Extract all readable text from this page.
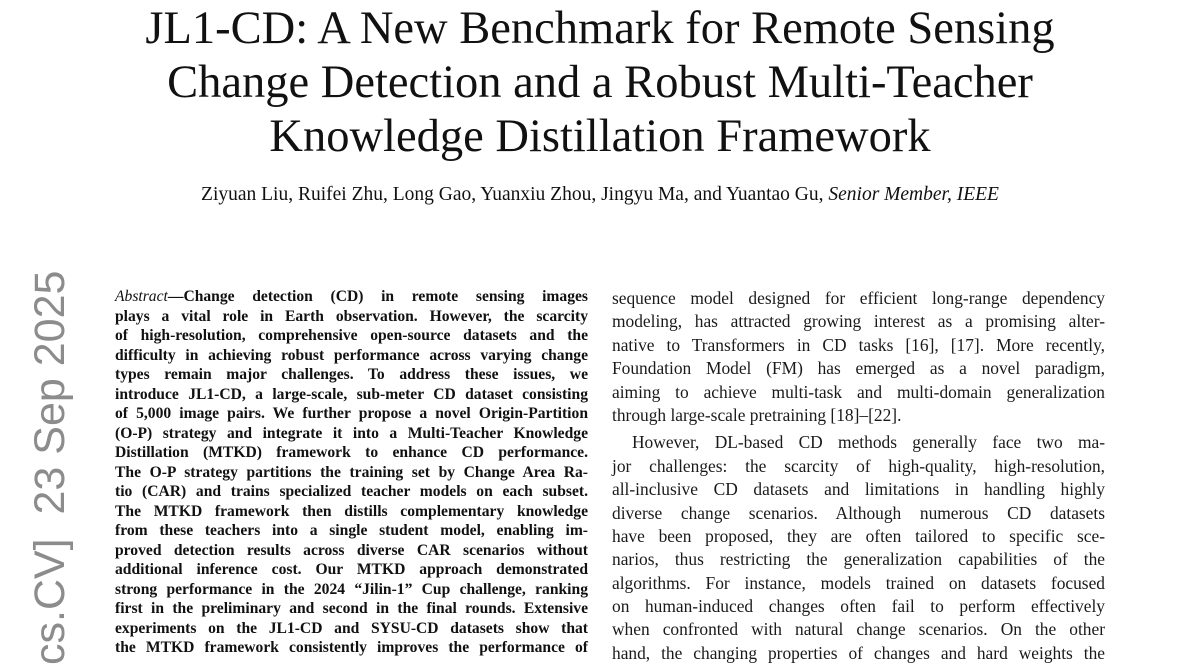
JL1-CD: A New Benchmark for Remote Sensing
Change Detection and a Robust Multi-Teacher
Knowledge Distillation Framework
Ziyuan Liu, Ruifei Zhu, Long Gao, Yuanxiu Zhou, Jingyu Ma, and Yuantao Gu, Senior Member, IEEE
cs.CV]  23 Sep 2025	Abstract—Change detection (CD) in remote sensing images
plays a vital role in Earth observation. However, the scarcity
of high-resolution, comprehensive open-source datasets and the
difficulty in achieving robust performance across varying change
types remain major challenges. To address these issues, we
introduce JL1-CD, a large-scale, sub-meter CD dataset consisting
of 5,000 image pairs. We further propose a novel Origin-Partition
(O-P) strategy and integrate it into a Multi-Teacher Knowledge
Distillation (MTKD) framework to enhance CD performance.
The O-P strategy partitions the training set by Change Area Ra-
tio (CAR) and trains specialized teacher models on each subset.
The MTKD framework then distills complementary knowledge
from these teachers into a single student model, enabling im-
proved detection results across diverse CAR scenarios without
additional inference cost. Our MTKD approach demonstrated
strong performance in the 2024 “Jilin-1” Cup challenge, ranking
first in the preliminary and second in the final rounds. Extensive
experiments on the JL1-CD and SYSU-CD datasets show that
the MTKD framework consistently improves the performance of
sequence model designed for efficient long-range dependency
modeling, has attracted growing interest as a promising alter-
native to Transformers in CD tasks [16], [17]. More recently,
Foundation Model (FM) has emerged as a novel paradigm,
aiming to achieve multi-task and multi-domain generalization
through large-scale pretraining [18]–[22].
However, DL-based CD methods generally face two ma-
jor challenges: the scarcity of high-quality, high-resolution,
all-inclusive CD datasets and limitations in handling highly
diverse change scenarios. Although numerous CD datasets
have been proposed, they are often tailored to specific sce-
narios, thus restricting the generalization capabilities of the
algorithms. For instance, models trained on datasets focused
on human-induced changes often fail to perform effectively
when confronted with natural change scenarios. On the other
hand, the changing properties of changes and hard weights the
